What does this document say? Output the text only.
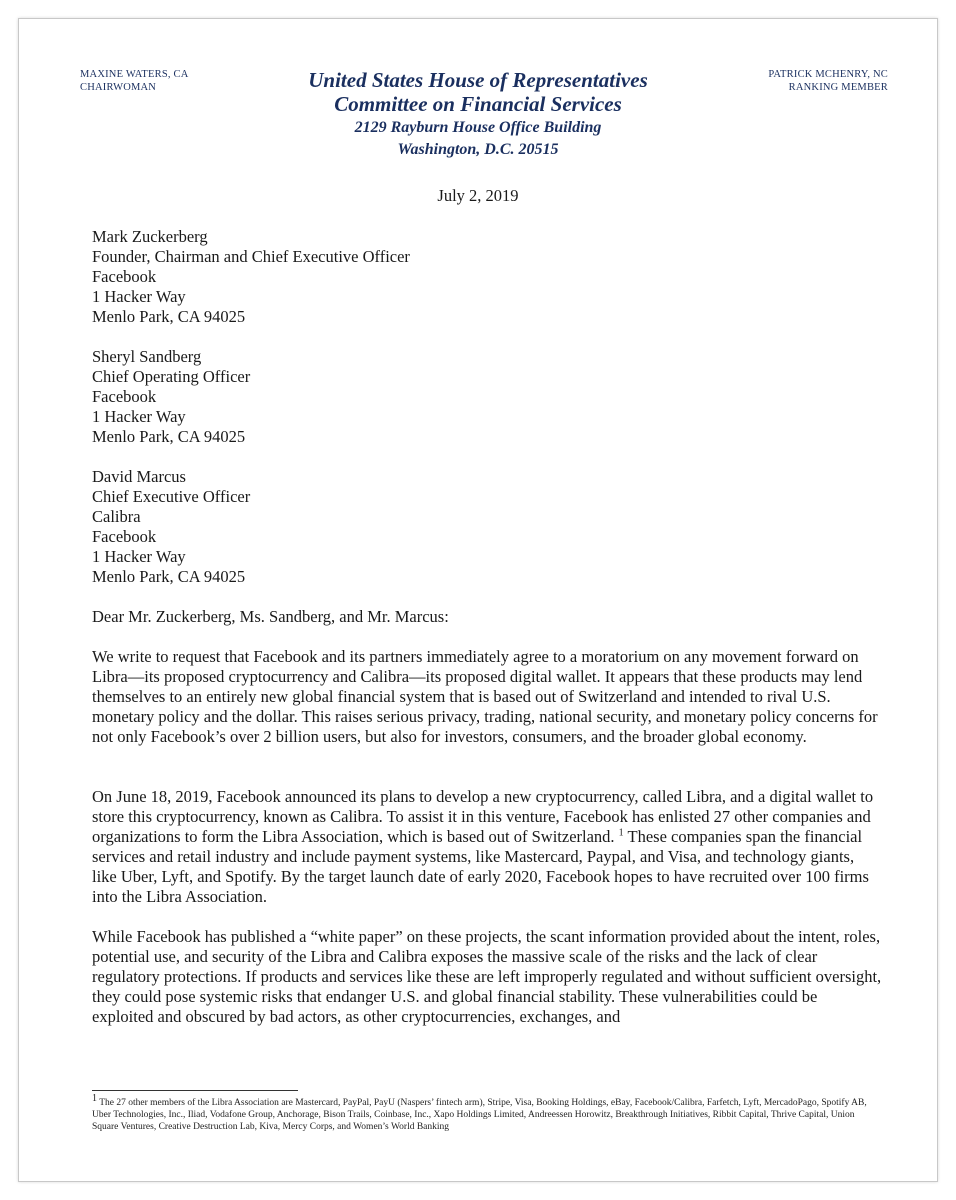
MAXINE WATERS, CA
CHAIRWOMAN
PATRICK MCHENRY, NC
RANKING MEMBER
United States House of Representatives
Committee on Financial Services
2129 Rayburn House Office Building
Washington, D.C. 20515
July 2, 2019
Mark Zuckerberg
Founder, Chairman and Chief Executive Officer
Facebook
1 Hacker Way
Menlo Park, CA 94025
Sheryl Sandberg
Chief Operating Officer
Facebook
1 Hacker Way
Menlo Park, CA 94025
David Marcus
Chief Executive Officer
Calibra
Facebook
1 Hacker Way
Menlo Park, CA 94025
Dear Mr. Zuckerberg, Ms. Sandberg, and Mr. Marcus:

We write to request that Facebook and its partners immediately agree to a moratorium on any movement forward on Libra—its proposed cryptocurrency and Calibra—its proposed digital wallet. It appears that these products may lend themselves to an entirely new global financial system that is based out of Switzerland and intended to rival U.S. monetary policy and the dollar. This raises serious privacy, trading, national security, and monetary policy concerns for not only Facebook’s over 2 billion users, but also for investors, consumers, and the broader global economy.

On June 18, 2019, Facebook announced its plans to develop a new cryptocurrency, called Libra, and a digital wallet to store this cryptocurrency, known as Calibra. To assist it in this venture, Facebook has enlisted 27 other companies and organizations to form the Libra Association, which is based out of Switzerland. $^1$ These companies span the financial services and retail industry and include payment systems, like Mastercard, Paypal, and Visa, and technology giants, like Uber, Lyft, and Spotify. By the target launch date of early 2020, Facebook hopes to have recruited over 100 firms into the Libra Association.

While Facebook has published a “white paper” on these projects, the scant information provided about the intent, roles, potential use, and security of the Libra and Calibra exposes the massive scale of the risks and the lack of clear regulatory protections. If products and services like these are left improperly regulated and without sufficient oversight, they could pose systemic risks that endanger U.S. and global financial stability. These vulnerabilities could be exploited and obscured by bad actors, as other cryptocurrencies, exchanges, and

$^1$ The 27 other members of the Libra Association are Mastercard, PayPal, PayU (Naspers’ fintech arm), Stripe, Visa, Booking Holdings, eBay, Facebook/Calibra, Farfetch, Lyft, MercadoPago, Spotify AB, Uber Technologies, Inc., Iliad, Vodafone Group, Anchorage, Bison Trails, Coinbase, Inc., Xapo Holdings Limited, Andreessen Horowitz, Breakthrough Initiatives, Ribbit Capital, Thrive Capital, Union Square Ventures, Creative Destruction Lab, Kiva, Mercy Corps, and Women’s World Banking
